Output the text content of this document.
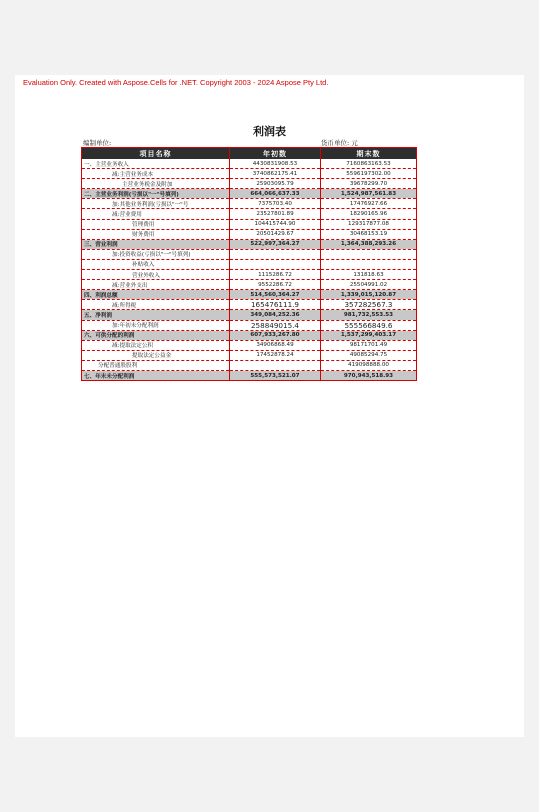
Evaluation Only. Created with Aspose.Cells for .NET. Copyright 2003 - 2024 Aspose Pty Ltd.
利润表
编制单位:	货币单位: 元
项目名称	年初数	期末数
一、主营业务收入	4430831908.53	7160863163.53
减:主营业务成本	3740862175.41	5596197302.00
主营业务税金及附加	25903095.79	39678299.70
二、主营业务利润(亏损以"一"号填列)	664,066,637.33	1,524,987,561.83
加:其他业务利润(亏损以"一"号	7375703.40	17476927.66
减:营业费用	23527801.89	18290165.96
管理费用	104415744.90	129317877.08
财务费用	20501429.67	30468153.19
三、营业利润	522,997,364.27	1,364,388,293.26
加:投资收益(亏损以"一"号填列)		
补贴收入		
营业外收入	1115286.72	131818.63
减:营业外支出	9552286.72	25504991.02
四、利润总额	514,560,364.27	1,339,015,120.87
减:所得税	165476111.9	357282567.3
五、净利润	349,084,252.36	981,732,553.53
加:年初未分配利润	258849015.4	555566849.6
六、可供分配的利润	607,933,267.80	1,537,299,403.17
减:提取法定公积	34906868.49	98171701.49
提取法定公益金	17452878.24	49085294.75
分配普通股股利		419098888.00
七、年末未分配利润	555,573,521.07	970,943,518.93
